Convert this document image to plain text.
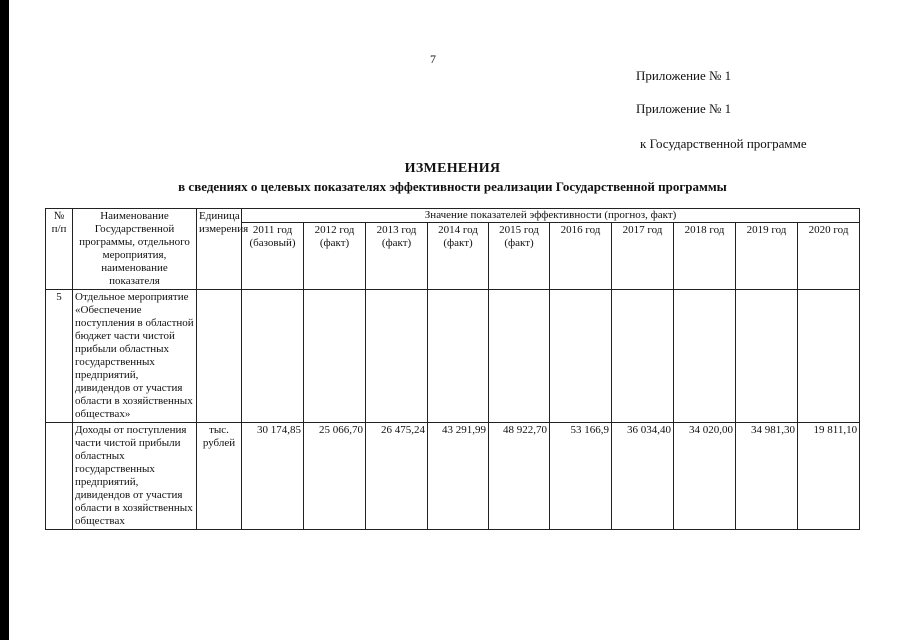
7
Приложение № 1
Приложение № 1
к Государственной программе
ИЗМЕНЕНИЯ
в сведениях о целевых показателях эффективности реализации Государственной программы
№ п/п	Наименование Государственной программы, отдельного мероприятия, наименование показателя	Единица измерения	Значение показателей эффективности (прогноз, факт)									
			2011 год (базовый)	2012 год (факт)	2013 год (факт)	2014 год (факт)	2015 год (факт)	2016 год	2017 год	2018 год	2019 год	2020 год
5	Отдельное мероприятие «Обеспечение поступления в областной бюджет части чистой прибыли областных государственных предприятий, дивидендов от участия области в хозяйственных обществах»											
	Доходы от поступления части чистой прибыли областных государственных предприятий, дивидендов от участия области в хозяйственных обществах	тыс. рублей	30 174,85	25 066,70	26 475,24	43 291,99	48 922,70	53 166,9	36 034,40	34 020,00	34 981,30	19 811,10
